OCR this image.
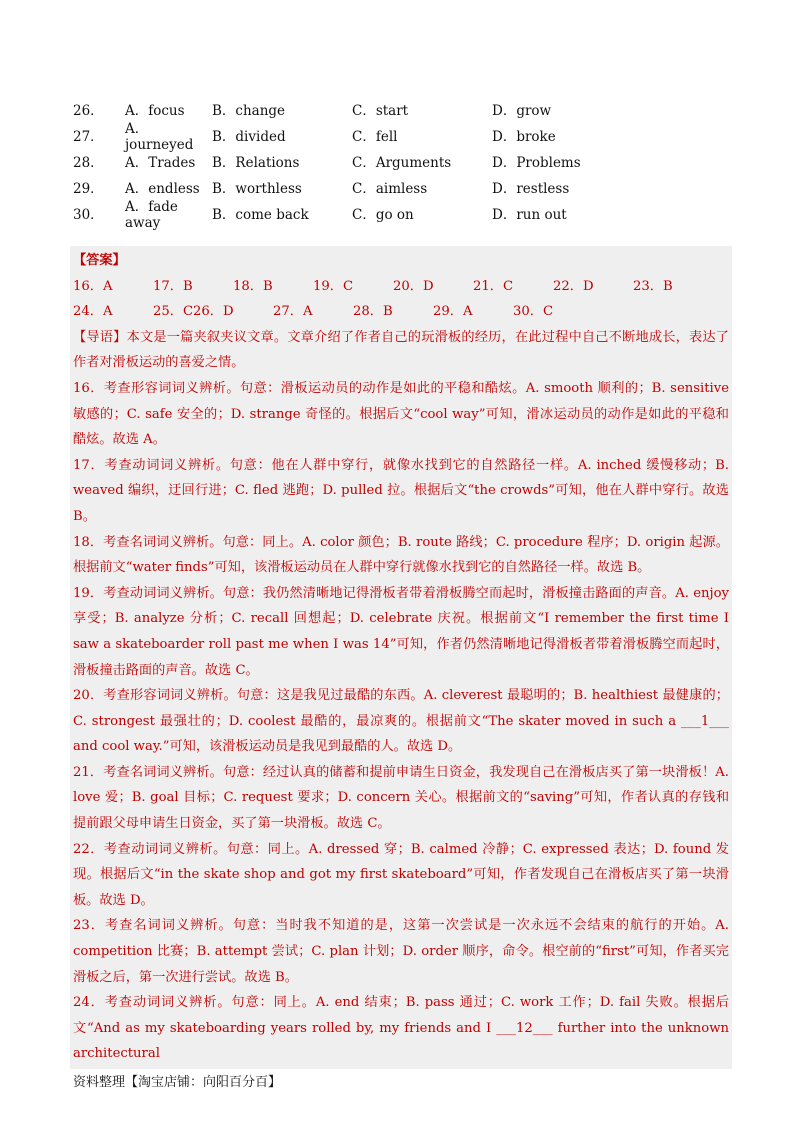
26．	A．focus	B．change	C．start	D．grow
27．	A．journeyed	B．divided	C．fell	D．broke
28．	A．Trades	B．Relations	C．Arguments	D．Problems
29．	A．endless B．worthless	C．aimless	D．restless
30．	A．fade away	B．come back	C．go on	D．run out
【答案】
16．A	17．B	18．B	19．C	20．D	21．C	22．D	23．B
24．A	25．C 26．D	27．A	28．B	29．A	30．C

【导语】本文是一篇夹叙夹议文章。文章介绍了作者自己的玩滑板的经历，在此过程中自己不断地成长，表达了作者对滑板运动的喜爱之情。

16．考查形容词词义辨析。句意：滑板运动员的动作是如此的平稳和酷炫。A. smooth 顺利的；B. sensitive 敏感的；C. safe 安全的；D. strange 奇怪的。根据后文“cool way”可知，滑冰运动员的动作是如此的平稳和酷炫。故选 A。

17．考查动词词义辨析。句意：他在人群中穿行，就像水找到它的自然路径一样。A. inched 缓慢移动；B. weaved 编织，迂回行进；C. fled 逃跑；D. pulled 拉。根据后文“the crowds”可知，他在人群中穿行。故选 B。

18．考查名词词义辨析。句意：同上。A. color 颜色；B. route 路线；C. procedure 程序；D. origin 起源。根据前文“water finds”可知，该滑板运动员在人群中穿行就像水找到它的自然路径一样。故选 B。

19．考查动词词义辨析。句意：我仍然清晰地记得滑板者带着滑板腾空而起时，滑板撞击路面的声音。A. enjoy 享受；B. analyze 分析；C. recall 回想起；D. celebrate 庆祝。根据前文“I remember the first time I saw a skateboarder roll past me when I was 14”可知，作者仍然清晰地记得滑板者带着滑板腾空而起时，滑板撞击路面的声音。故选 C。

20．考查形容词词义辨析。句意：这是我见过最酷的东西。A. cleverest 最聪明的；B. healthiest 最健康的；C. strongest 最强壮的；D. coolest 最酷的，最凉爽的。根据前文“The skater moved in such a ___1___ and cool way.”可知，该滑板运动员是我见到最酷的人。故选 D。

21．考查名词词义辨析。句意：经过认真的储蓄和提前申请生日资金，我发现自己在滑板店买了第一块滑板！A. love 爱；B. goal 目标；C. request 要求；D. concern 关心。根据前文的“saving”可知，作者认真的存钱和提前跟父母申请生日资金，买了第一块滑板。故选 C。

22．考查动词词义辨析。句意：同上。A. dressed 穿；B. calmed 冷静；C. expressed 表达；D. found 发现。根据后文“in the skate shop and got my first skateboard”可知，作者发现自己在滑板店买了第一块滑板。故选 D。

23．考查名词词义辨析。句意：当时我不知道的是，这第一次尝试是一次永远不会结束的航行的开始。A. competition 比赛；B. attempt 尝试；C. plan 计划；D. order 顺序，命令。根空前的“first”可知，作者买完滑板之后，第一次进行尝试。故选 B。

24．考查动词词义辨析。句意：同上。A. end 结束；B. pass 通过；C. work 工作；D. fail 失败。根据后文“And as my skateboarding years rolled by, my friends and I ___12___ further into the unknown architectural

资料整理【淘宝店铺：向阳百分百】
